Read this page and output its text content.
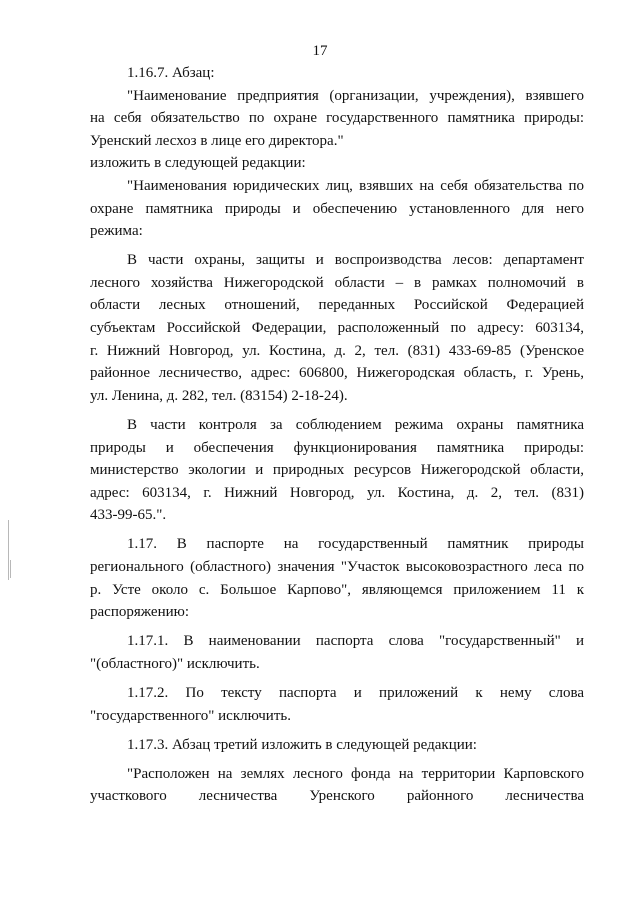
17
1.16.7. Абзац:
"Наименование предприятия (организации, учреждения), взявшего
на себя обязательство по охране государственного памятника природы:
Уренский лесхоз в лице его директора."
изложить в следующей редакции:
"Наименования юридических лиц, взявших на себя обязательства по
охране памятника природы и обеспечению установленного для него
режима:
В части охраны, защиты и воспроизводства лесов: департамент
лесного хозяйства Нижегородской области – в рамках полномочий в
области лесных отношений, переданных Российской Федерацией
субъектам Российской Федерации, расположенный по адресу: 603134,
г. Нижний Новгород, ул. Костина, д. 2, тел. (831) 433-69-85 (Уренское
районное лесничество, адрес: 606800, Нижегородская область, г. Урень,
ул. Ленина, д. 282, тел. (83154) 2-18-24).
В части контроля за соблюдением режима охраны памятника
природы и обеспечения функционирования памятника природы:
министерство экологии и природных ресурсов Нижегородской области,
адрес: 603134, г. Нижний Новгород, ул. Костина, д. 2, тел. (831)
433-99-65.".
1.17. В паспорте на государственный памятник природы
регионального (областного) значения "Участок высоковозрастного леса по
р. Усте около с. Большое Карпово", являющемся приложением 11 к
распоряжению:
1.17.1. В наименовании паспорта слова "государственный" и
"(областного)" исключить.
1.17.2. По тексту паспорта и приложений к нему слова
"государственного" исключить.
1.17.3. Абзац третий изложить в следующей редакции:
"Расположен на землях лесного фонда на территории Карповского
участкового лесничества Уренского районного лесничества
